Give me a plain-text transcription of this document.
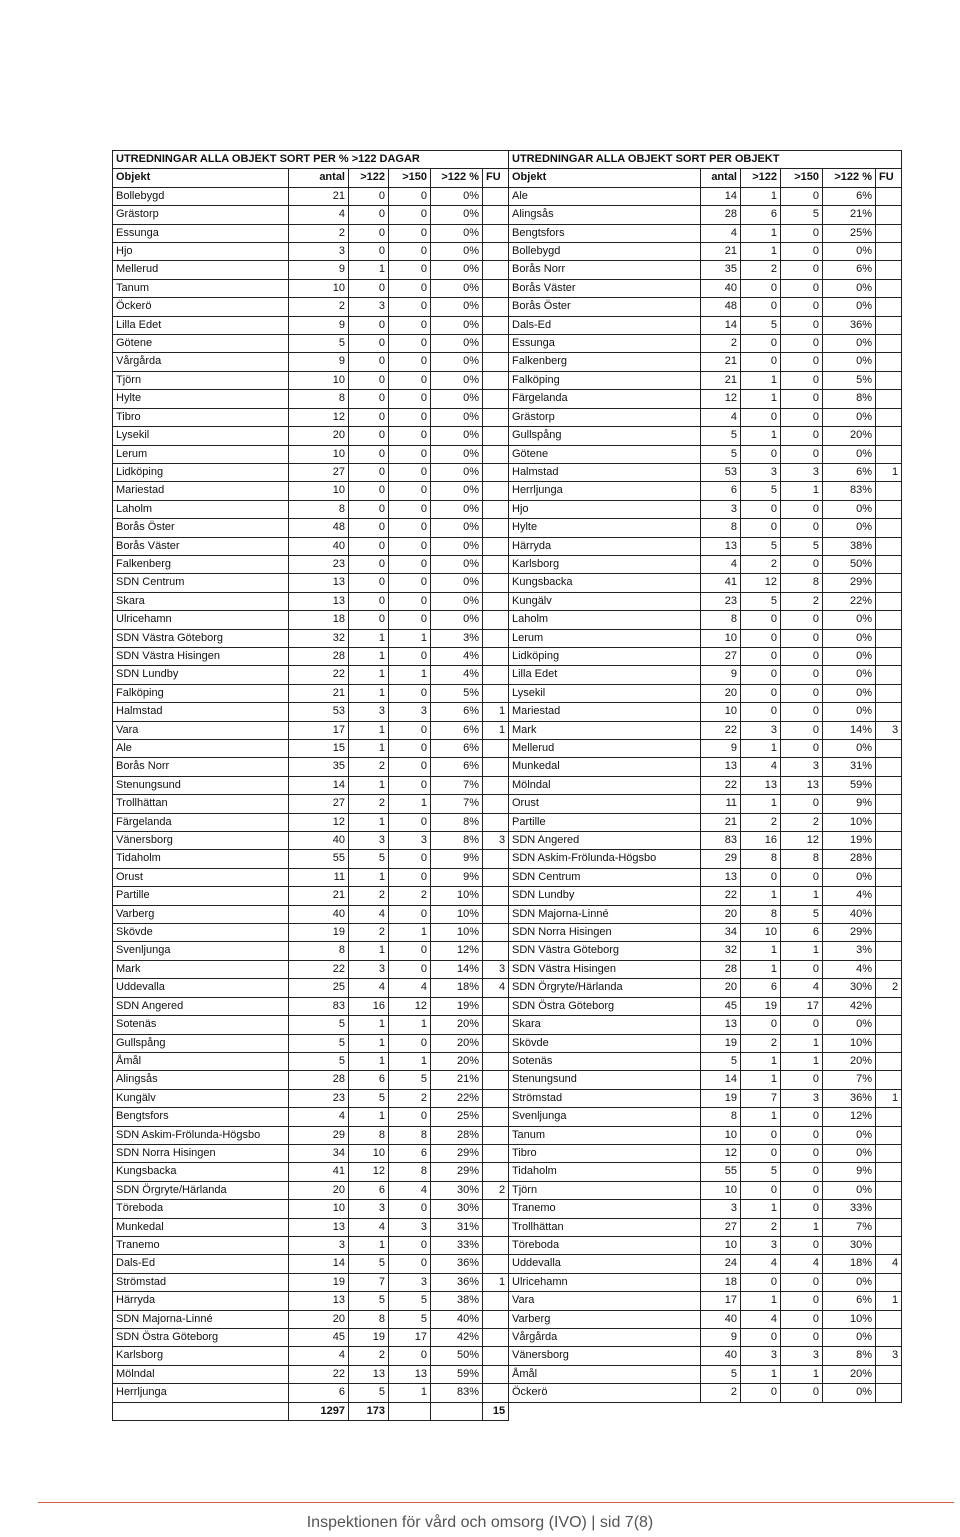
UTREDNINGAR ALLA OBJEKT SORT PER % >122 DAGAR					
Objekt	antal	>122	>150	>122 %	FU
Bollebygd	21	0	0	0%	
Grästorp	4	0	0	0%	
Essunga	2	0	0	0%	
Hjo	3	0	0	0%	
Mellerud	9	1	0	0%	
Tanum	10	0	0	0%	
Öckerö	2	3	0	0%	
Lilla Edet	9	0	0	0%	
Götene	5	0	0	0%	
Vårgårda	9	0	0	0%	
Tjörn	10	0	0	0%	
Hylte	8	0	0	0%	
Tibro	12	0	0	0%	
Lysekil	20	0	0	0%	
Lerum	10	0	0	0%	
Lidköping	27	0	0	0%	
Mariestad	10	0	0	0%	
Laholm	8	0	0	0%	
Borås Öster	48	0	0	0%	
Borås Väster	40	0	0	0%	
Falkenberg	23	0	0	0%	
SDN Centrum	13	0	0	0%	
Skara	13	0	0	0%	
Ulricehamn	18	0	0	0%	
SDN Västra Göteborg	32	1	1	3%	
SDN Västra Hisingen	28	1	0	4%	
SDN Lundby	22	1	1	4%	
Falköping	21	1	0	5%	
Halmstad	53	3	3	6%	1
Vara	17	1	0	6%	1
Ale	15	1	0	6%	
Borås Norr	35	2	0	6%	
Stenungsund	14	1	0	7%	
Trollhättan	27	2	1	7%	
Färgelanda	12	1	0	8%	
Vänersborg	40	3	3	8%	3
Tidaholm	55	5	0	9%	
Orust	11	1	0	9%	
Partille	21	2	2	10%	
Varberg	40	4	0	10%	
Skövde	19	2	1	10%	
Svenljunga	8	1	0	12%	
Mark	22	3	0	14%	3
Uddevalla	25	4	4	18%	4
SDN Angered	83	16	12	19%	
Sotenäs	5	1	1	20%	
Gullspång	5	1	0	20%	
Åmål	5	1	1	20%	
Alingsås	28	6	5	21%	
Kungälv	23	5	2	22%	
Bengtsfors	4	1	0	25%	
SDN Askim-Frölunda-Högsbo	29	8	8	28%	
SDN Norra Hisingen	34	10	6	29%	
Kungsbacka	41	12	8	29%	
SDN Örgryte/Härlanda	20	6	4	30%	2
Töreboda	10	3	0	30%	
Munkedal	13	4	3	31%	
Tranemo	3	1	0	33%	
Dals-Ed	14	5	0	36%	
Strömstad	19	7	3	36%	1
Härryda	13	5	5	38%	
SDN Majorna-Linné	20	8	5	40%	
SDN Östra Göteborg	45	19	17	42%	
Karlsborg	4	2	0	50%	
Mölndal	22	13	13	59%	
Herrljunga	6	5	1	83%	
	1297	173			15
UTREDNINGAR ALLA OBJEKT SORT PER OBJEKT					
Objekt	antal	>122	>150	>122 %	FU
Ale	14	1	0	6%	
Alingsås	28	6	5	21%	
Bengtsfors	4	1	0	25%	
Bollebygd	21	1	0	0%	
Borås Norr	35	2	0	6%	
Borås Väster	40	0	0	0%	
Borås Öster	48	0	0	0%	
Dals-Ed	14	5	0	36%	
Essunga	2	0	0	0%	
Falkenberg	21	0	0	0%	
Falköping	21	1	0	5%	
Färgelanda	12	1	0	8%	
Grästorp	4	0	0	0%	
Gullspång	5	1	0	20%	
Götene	5	0	0	0%	
Halmstad	53	3	3	6%	1
Herrljunga	6	5	1	83%	
Hjo	3	0	0	0%	
Hylte	8	0	0	0%	
Härryda	13	5	5	38%	
Karlsborg	4	2	0	50%	
Kungsbacka	41	12	8	29%	
Kungälv	23	5	2	22%	
Laholm	8	0	0	0%	
Lerum	10	0	0	0%	
Lidköping	27	0	0	0%	
Lilla Edet	9	0	0	0%	
Lysekil	20	0	0	0%	
Mariestad	10	0	0	0%	
Mark	22	3	0	14%	3
Mellerud	9	1	0	0%	
Munkedal	13	4	3	31%	
Mölndal	22	13	13	59%	
Orust	11	1	0	9%	
Partille	21	2	2	10%	
SDN Angered	83	16	12	19%	
SDN Askim-Frölunda-Högsbo	29	8	8	28%	
SDN Centrum	13	0	0	0%	
SDN Lundby	22	1	1	4%	
SDN Majorna-Linné	20	8	5	40%	
SDN Norra Hisingen	34	10	6	29%	
SDN Västra Göteborg	32	1	1	3%	
SDN Västra Hisingen	28	1	0	4%	
SDN Örgryte/Härlanda	20	6	4	30%	2
SDN Östra Göteborg	45	19	17	42%	
Skara	13	0	0	0%	
Skövde	19	2	1	10%	
Sotenäs	5	1	1	20%	
Stenungsund	14	1	0	7%	
Strömstad	19	7	3	36%	1
Svenljunga	8	1	0	12%	
Tanum	10	0	0	0%	
Tibro	12	0	0	0%	
Tidaholm	55	5	0	9%	
Tjörn	10	0	0	0%	
Tranemo	3	1	0	33%	
Trollhättan	27	2	1	7%	
Töreboda	10	3	0	30%	
Uddevalla	24	4	4	18%	4
Ulricehamn	18	0	0	0%	
Vara	17	1	0	6%	1
Varberg	40	4	0	10%	
Vårgårda	9	0	0	0%	
Vänersborg	40	3	3	8%	3
Åmål	5	1	1	20%	
Öckerö	2	0	0	0%	
Inspektionen för vård och omsorg (IVO) | sid 7(8)
